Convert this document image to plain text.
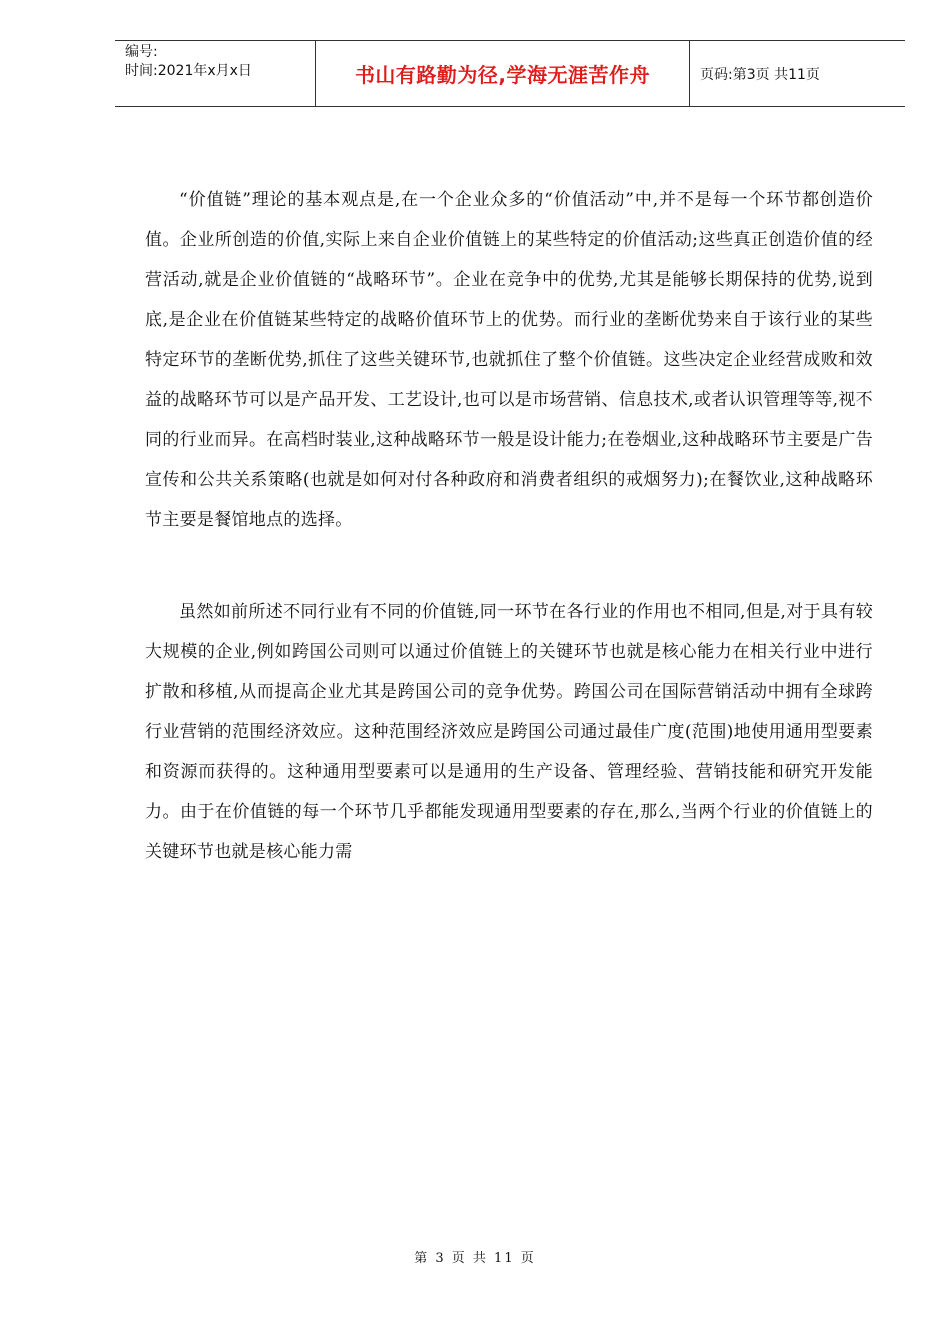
编号:
时间:2021年x月x日	书山有路勤为径,学海无涯苦作舟	页码:第3页 共11页

“价值链”理论的基本观点是,在一个企业众多的“价值活动”中,并不是每一个环节都创造价值。企业所创造的价值,实际上来自企业价值链上的某些特定的价值活动;这些真正创造价值的经营活动,就是企业价值链的“战略环节”。企业在竞争中的优势,尤其是能够长期保持的优势,说到底,是企业在价值链某些特定的战略价值环节上的优势。而行业的垄断优势来自于该行业的某些特定环节的垄断优势,抓住了这些关键环节,也就抓住了整个价值链。这些决定企业经营成败和效益的战略环节可以是产品开发、工艺设计,也可以是市场营销、信息技术,或者认识管理等等,视不同的行业而异。在高档时装业,这种战略环节一般是设计能力;在卷烟业,这种战略环节主要是广告宣传和公共关系策略(也就是如何对付各种政府和消费者组织的戒烟努力);在餐饮业,这种战略环节主要是餐馆地点的选择。

虽然如前所述不同行业有不同的价值链,同一环节在各行业的作用也不相同,但是,对于具有较大规模的企业,例如跨国公司则可以通过价值链上的关键环节也就是核心能力在相关行业中进行扩散和移植,从而提高企业尤其是跨国公司的竞争优势。跨国公司在国际营销活动中拥有全球跨行业营销的范围经济效应。这种范围经济效应是跨国公司通过最佳广度(范围)地使用通用型要素和资源而获得的。这种通用型要素可以是通用的生产设备、管理经验、营销技能和研究开发能力。由于在价值链的每一个环节几乎都能发现通用型要素的存在,那么,当两个行业的价值链上的关键环节也就是核心能力需

第 3 页 共 11 页
